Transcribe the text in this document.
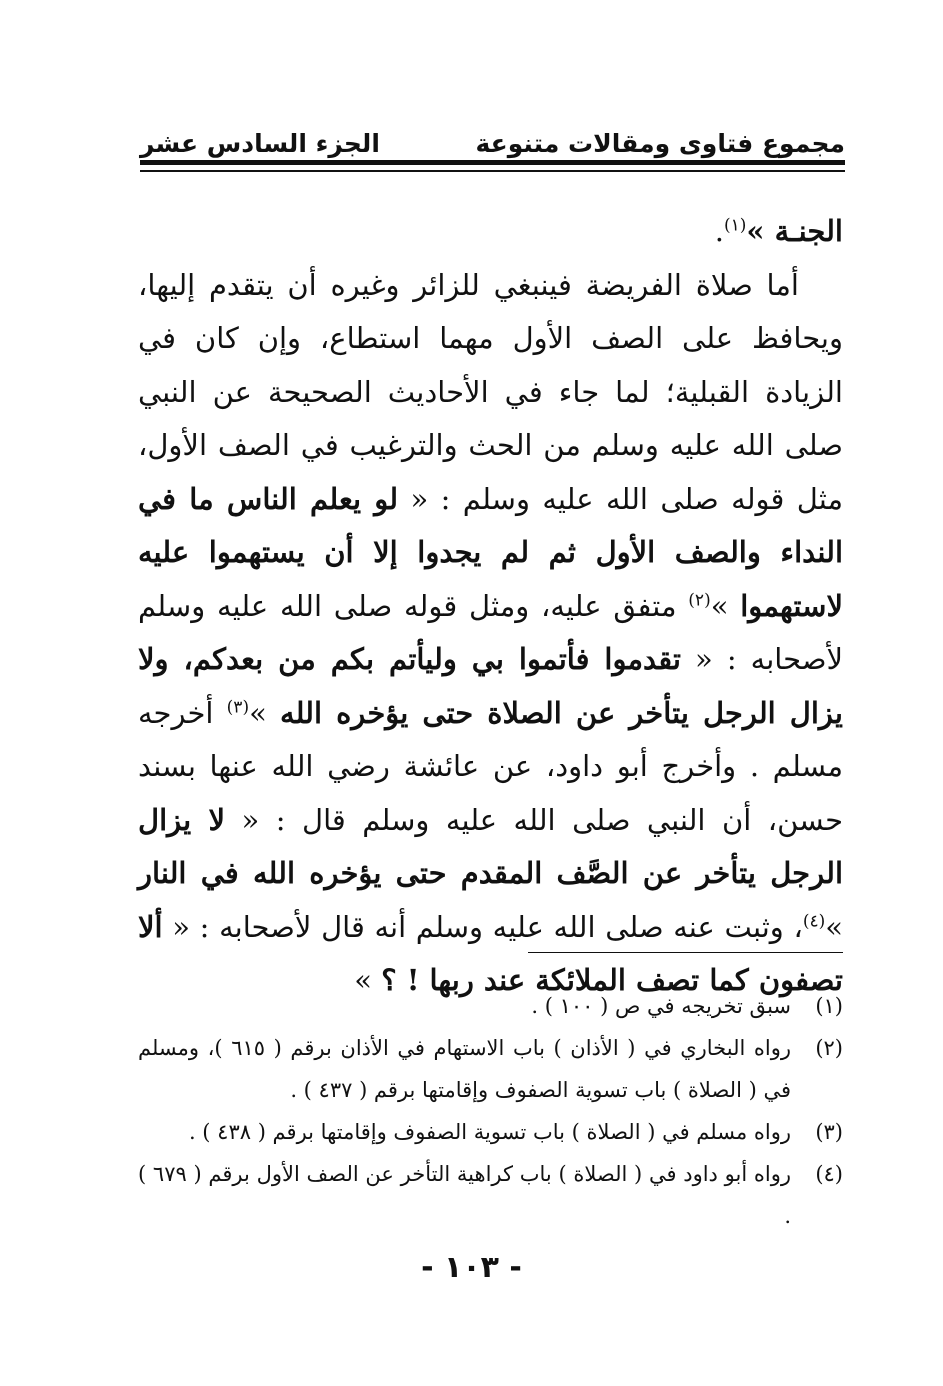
مجموع فتاوى ومقالات متنوعة
الجزء السادس عشر

الجنـة »$^{(١)}$.

أما صلاة الفريضة فينبغي للزائر وغيره أن يتقدم إليها، ويحافظ على الصف الأول مهما استطاع، وإن كان في الزيادة القبلية؛ لما جاء في الأحاديث الصحيحة عن النبي صلى الله عليه وسلم من الحث والترغيب في الصف الأول، مثل قوله صلى الله عليه وسلم : « لو يعلم الناس ما في النداء والصف الأول ثم لم يجدوا إلا أن يستهموا عليه لاستهموا »$^{(٢)}$ متفق عليه، ومثل قوله صلى الله عليه وسلم لأصحابه : « تقدموا فأتموا بي وليأتم بكم من بعدكم، ولا يزال الرجل يتأخر عن الصلاة حتى يؤخره الله »$^{(٣)}$ أخرجه مسلم . وأخرج أبو داود، عن عائشة رضي الله عنها بسند حسن، أن النبي صلى الله عليه وسلم قال : « لا يزال الرجل يتأخر عن الصَّف المقدم حتى يؤخره الله في النار »$^{(٤)}$، وثبت عنه صلى الله عليه وسلم أنه قال لأصحابه : « ألا تصفون كما تصف الملائكة عند ربها ! ؟ »

(١)
سبق تخريجه في ص ( ١٠٠ ) .
(٢)
رواه البخاري في ( الأذان ) باب الاستهام في الأذان برقم ( ٦١٥ )، ومسلم في ( الصلاة ) باب تسوية الصفوف وإقامتها برقم ( ٤٣٧ ) .
(٣)
رواه مسلم في ( الصلاة ) باب تسوية الصفوف وإقامتها برقم ( ٤٣٨ ) .
(٤)
رواه أبو داود في ( الصلاة ) باب كراهية التأخر عن الصف الأول برقم ( ٦٧٩ ) .
- ١٠٣ -
